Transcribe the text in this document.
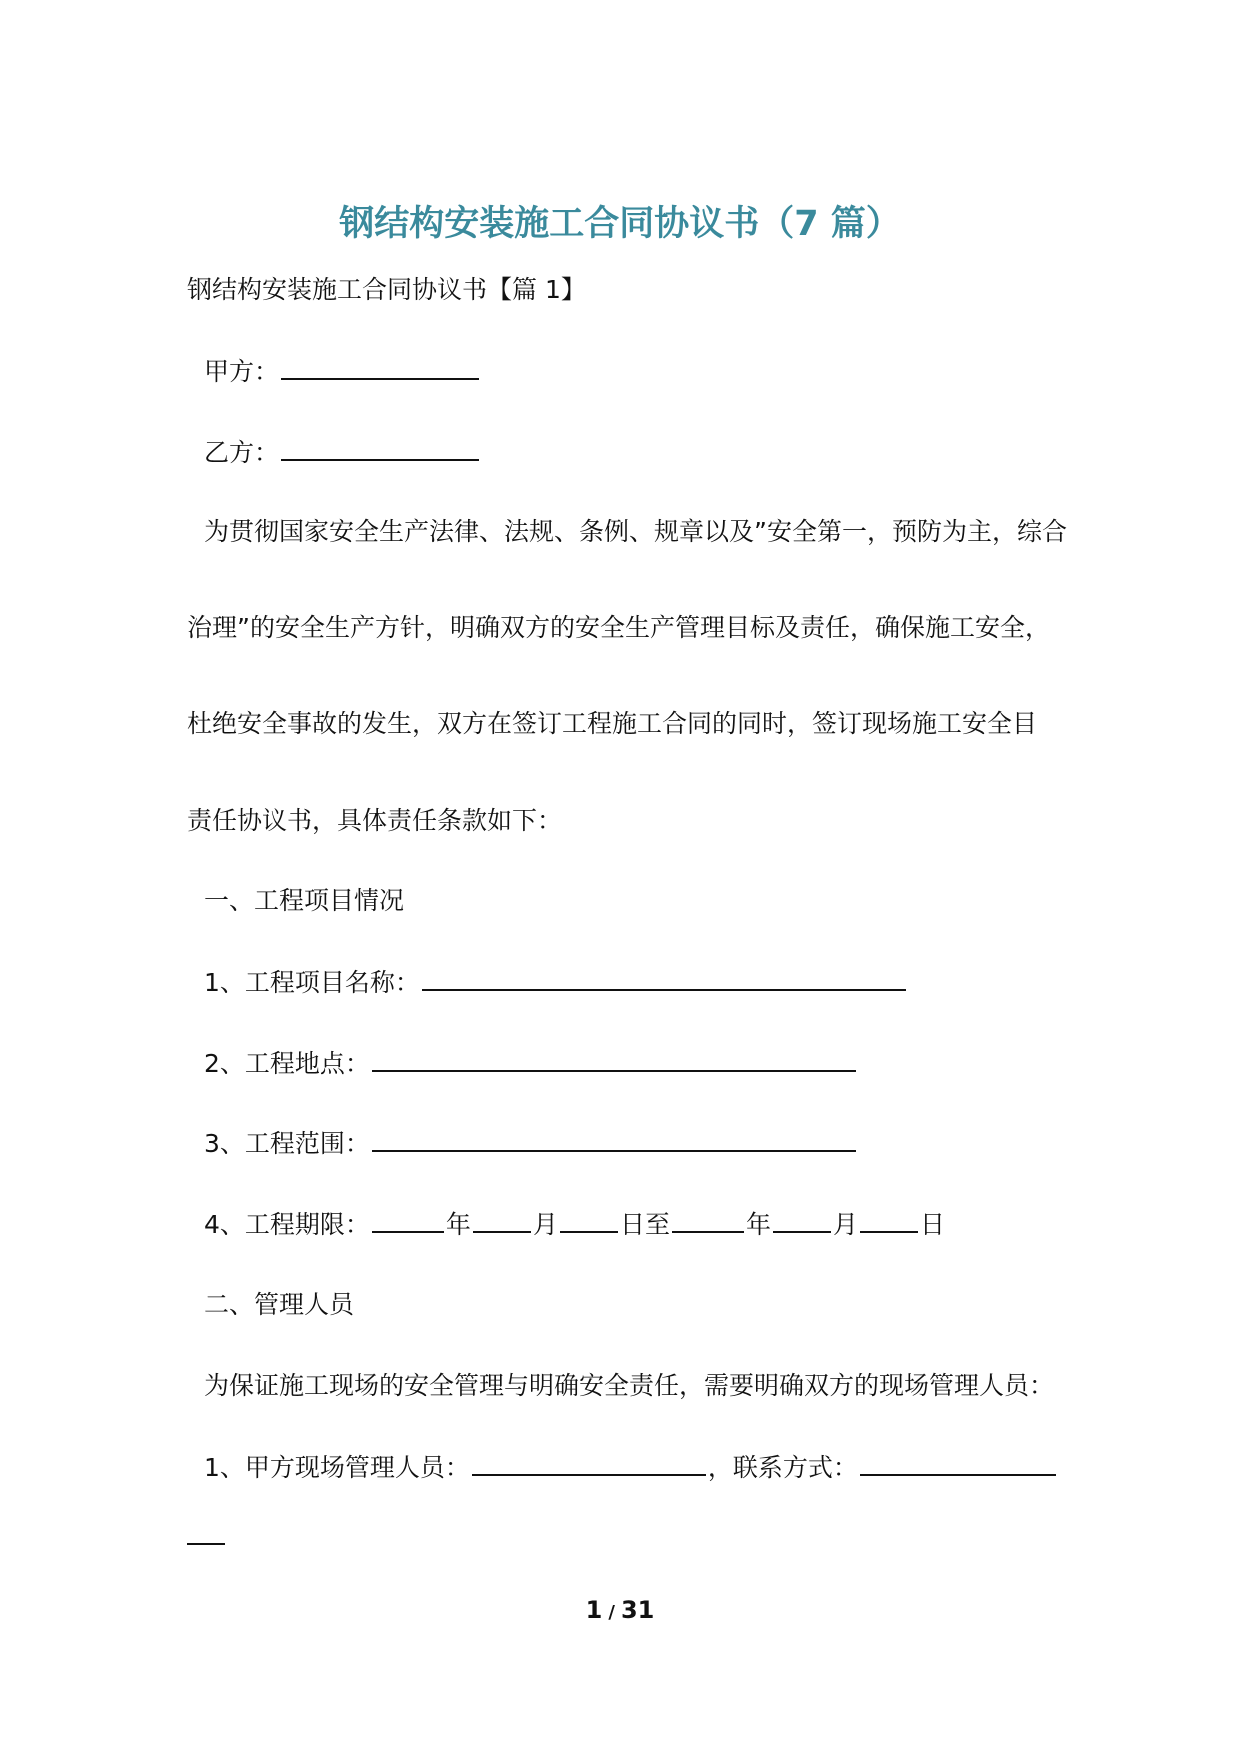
钢结构安装施工合同协议书（7 篇）
钢结构安装施工合同协议书【篇 1】
甲方：
乙方：
为贯彻国家安全生产法律、法规、条例、规章以及”安全第一，预防为主，综合
治理”的安全生产方针，明确双方的安全生产管理目标及责任，确保施工安全，
杜绝安全事故的发生，双方在签订工程施工合同的同时，签订现场施工安全目
责任协议书，具体责任条款如下：
一、工程项目情况
1、工程项目名称：
2、工程地点：
3、工程范围：
4、工程期限：	年 月 日至	年 月 日
二、管理人员
为保证施工现场的安全管理与明确安全责任，需要明确双方的现场管理人员：
1、甲方现场管理人员：	，联系方式：
1 / 31
